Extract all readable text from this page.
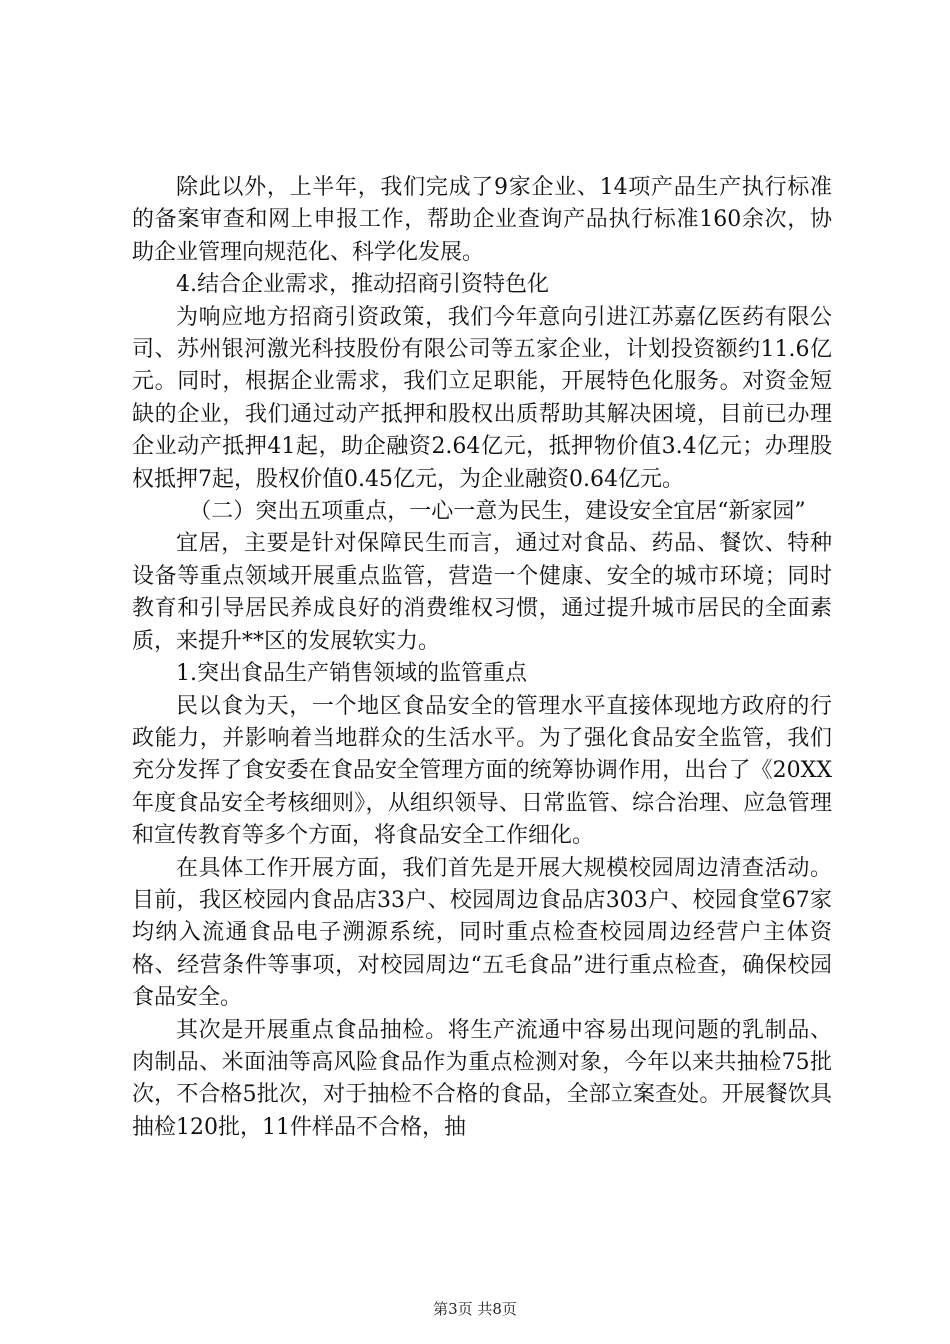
除此以外，上半年，我们完成了9家企业、14项产品生产执行标准的备案审查和网上申报工作，帮助企业查询产品执行标准160余次，协助企业管理向规范化、科学化发展。

4.结合企业需求，推动招商引资特色化

为响应地方招商引资政策，我们今年意向引进江苏嘉亿医药有限公司、苏州银河激光科技股份有限公司等五家企业，计划投资额约11.6亿元。同时，根据企业需求，我们立足职能，开展特色化服务。对资金短缺的企业，我们通过动产抵押和股权出质帮助其解决困境，目前已办理企业动产抵押41起，助企融资2.64亿元，抵押物价值3.4亿元；办理股权抵押7起，股权价值0.45亿元，为企业融资0.64亿元。

（二）突出五项重点，一心一意为民生，建设安全宜居“新家园”

宜居，主要是针对保障民生而言，通过对食品、药品、餐饮、特种设备等重点领域开展重点监管，营造一个健康、安全的城市环境；同时教育和引导居民养成良好的消费维权习惯，通过提升城市居民的全面素质，来提升**区的发展软实力。

1.突出食品生产销售领域的监管重点

民以食为天，一个地区食品安全的管理水平直接体现地方政府的行政能力，并影响着当地群众的生活水平。为了强化食品安全监管，我们充分发挥了食安委在食品安全管理方面的统筹协调作用，出台了《20XX年度食品安全考核细则》，从组织领导、日常监管、综合治理、应急管理和宣传教育等多个方面，将食品安全工作细化。

在具体工作开展方面，我们首先是开展大规模校园周边清查活动。目前，我区校园内食品店33户、校园周边食品店303户、校园食堂67家均纳入流通食品电子溯源系统，同时重点检查校园周边经营户主体资格、经营条件等事项，对校园周边“五毛食品”进行重点检查，确保校园食品安全。

其次是开展重点食品抽检。将生产流通中容易出现问题的乳制品、肉制品、米面油等高风险食品作为重点检测对象，今年以来共抽检75批次，不合格5批次，对于抽检不合格的食品，全部立案查处。开展餐饮具抽检120批，11件样品不合格，抽

第3页 共8页
